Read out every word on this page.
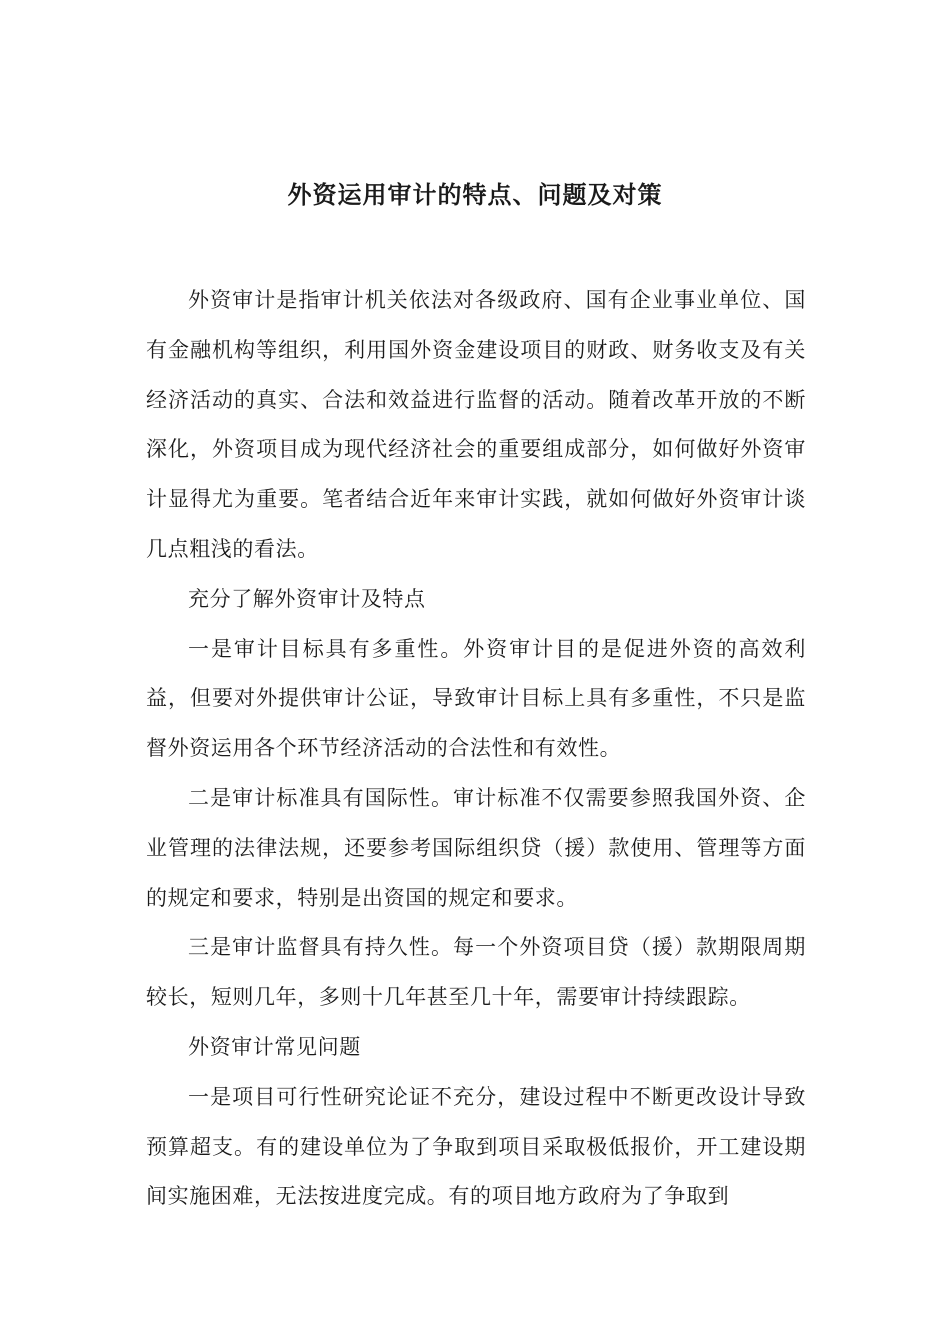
外资运用审计的特点、问题及对策

外资审计是指审计机关依法对各级政府、国有企业事业单位、国有金融机构等组织，利用国外资金建设项目的财政、财务收支及有关经济活动的真实、合法和效益进行监督的活动。随着改革开放的不断深化，外资项目成为现代经济社会的重要组成部分，如何做好外资审计显得尤为重要。笔者结合近年来审计实践，就如何做好外资审计谈几点粗浅的看法。

充分了解外资审计及特点

一是审计目标具有多重性。外资审计目的是促进外资的高效利益，但要对外提供审计公证，导致审计目标上具有多重性，不只是监督外资运用各个环节经济活动的合法性和有效性。

二是审计标准具有国际性。审计标准不仅需要参照我国外资、企业管理的法律法规，还要参考国际组织贷（援）款使用、管理等方面的规定和要求，特别是出资国的规定和要求。

三是审计监督具有持久性。每一个外资项目贷（援）款期限周期较长，短则几年，多则十几年甚至几十年，需要审计持续跟踪。

外资审计常见问题

一是项目可行性研究论证不充分，建设过程中不断更改设计导致预算超支。有的建设单位为了争取到项目采取极低报价，开工建设期间实施困难，无法按进度完成。有的项目地方政府为了争取到
